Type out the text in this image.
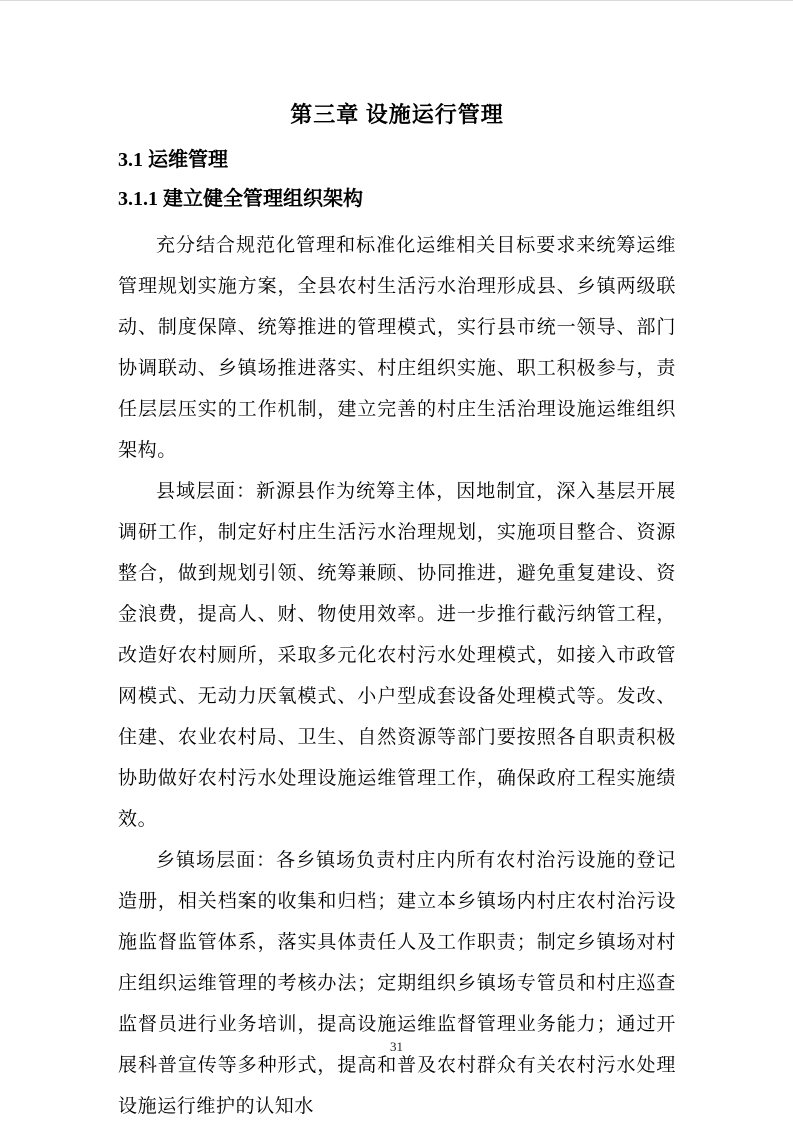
第三章 设施运行管理
3.1 运维管理
3.1.1 建立健全管理组织架构

充分结合规范化管理和标准化运维相关目标要求来统筹运维管理规划实施方案，全县农村生活污水治理形成县、乡镇两级联动、制度保障、统筹推进的管理模式，实行县市统一领导、部门协调联动、乡镇场推进落实、村庄组织实施、职工积极参与，责任层层压实的工作机制，建立完善的村庄生活治理设施运维组织架构。

县域层面：新源县作为统筹主体，因地制宜，深入基层开展调研工作，制定好村庄生活污水治理规划，实施项目整合、资源整合，做到规划引领、统筹兼顾、协同推进，避免重复建设、资金浪费，提高人、财、物使用效率。进一步推行截污纳管工程，改造好农村厕所，采取多元化农村污水处理模式，如接入市政管网模式、无动力厌氧模式、小户型成套设备处理模式等。发改、住建、农业农村局、卫生、自然资源等部门要按照各自职责积极协助做好农村污水处理设施运维管理工作，确保政府工程实施绩效。

乡镇场层面：各乡镇场负责村庄内所有农村治污设施的登记造册，相关档案的收集和归档；建立本乡镇场内村庄农村治污设施监督监管体系，落实具体责任人及工作职责；制定乡镇场对村庄组织运维管理的考核办法；定期组织乡镇场专管员和村庄巡查监督员进行业务培训，提高设施运维监督管理业务能力；通过开展科普宣传等多种形式，提高和普及农村群众有关农村污水处理设施运行维护的认知水

31
